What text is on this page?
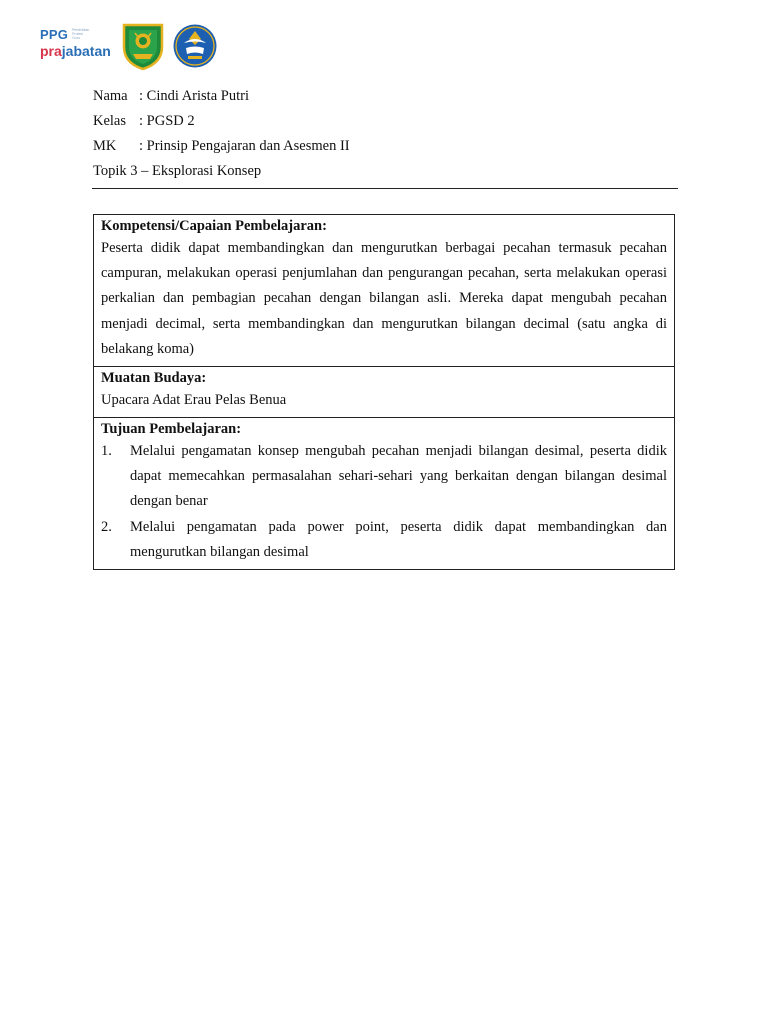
PPG Pendidikan
Profesi
Guru
prajabatan
Nama : Cindi Arista Putri
Kelas : PGSD 2
MK	: Prinsip Pengajaran dan Asesmen II
Topik 3 – Eksplorasi Konsep
Kompetensi/Capaian Pembelajaran:
Peserta didik dapat membandingkan dan mengurutkan berbagai pecahan termasuk pecahan campuran, melakukan operasi penjumlahan dan pengurangan pecahan, serta melakukan operasi perkalian dan pembagian pecahan dengan bilangan asli. Mereka dapat mengubah pecahan menjadi decimal, serta membandingkan dan mengurutkan bilangan decimal (satu angka di belakang koma)

Muatan Budaya:
Upacara Adat Erau Pelas Benua

Tujuan Pembelajaran:
1.	Melalui pengamatan konsep mengubah pecahan menjadi bilangan desimal, peserta didik dapat memecahkan permasalahan sehari-sehari yang berkaitan dengan bilangan desimal dengan benar
2.	Melalui pengamatan pada power point, peserta didik dapat membandingkan dan mengurutkan bilangan desimal
